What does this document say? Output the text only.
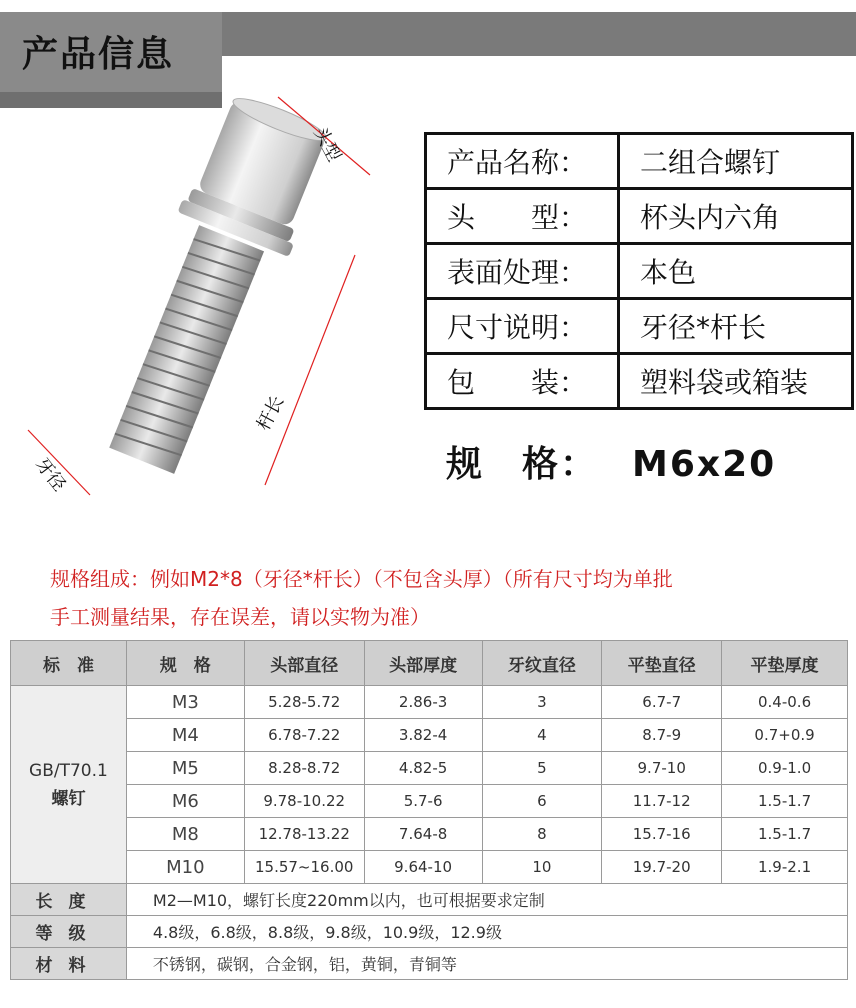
产品信息
头型
杆长
牙径
产品名称：	二组合螺钉
头　　型：	杯头内六角
表面处理：	本色
尺寸说明：	牙径*杆长
包　　装：	塑料袋或箱装
规　格： M6x20
规格组成：例如M2*8（牙径*杆长）（不包含头厚）（所有尺寸均为单批
手工测量结果，存在误差，请以实物为准）
标　准	规　格	头部直径	头部厚度	牙纹直径	平垫直径	平垫厚度

GB/T70.1
螺钉	M3	5.28-5.72	2.86-3	3	6.7-7	0.4-0.6
	M4	6.78-7.22	3.82-4	4	8.7-9	0.7+0.9
	M5	8.28-8.72	4.82-5	5	9.7-10	0.9-1.0
	M6	9.78-10.22	5.7-6	6	11.7-12	1.5-1.7
	M8	12.78-13.22	7.64-8	8	15.7-16	1.5-1.7
	M10	15.57~16.00	9.64-10	10	19.7-20	1.9-2.1
长度	M2—M10，螺钉长度220mm以内，也可根据要求定制					
等级	4.8级，6.8级，8.8级，9.8级，10.9级，12.9级					
材料	不锈钢，碳钢，合金钢，铝，黄铜，青铜等					
